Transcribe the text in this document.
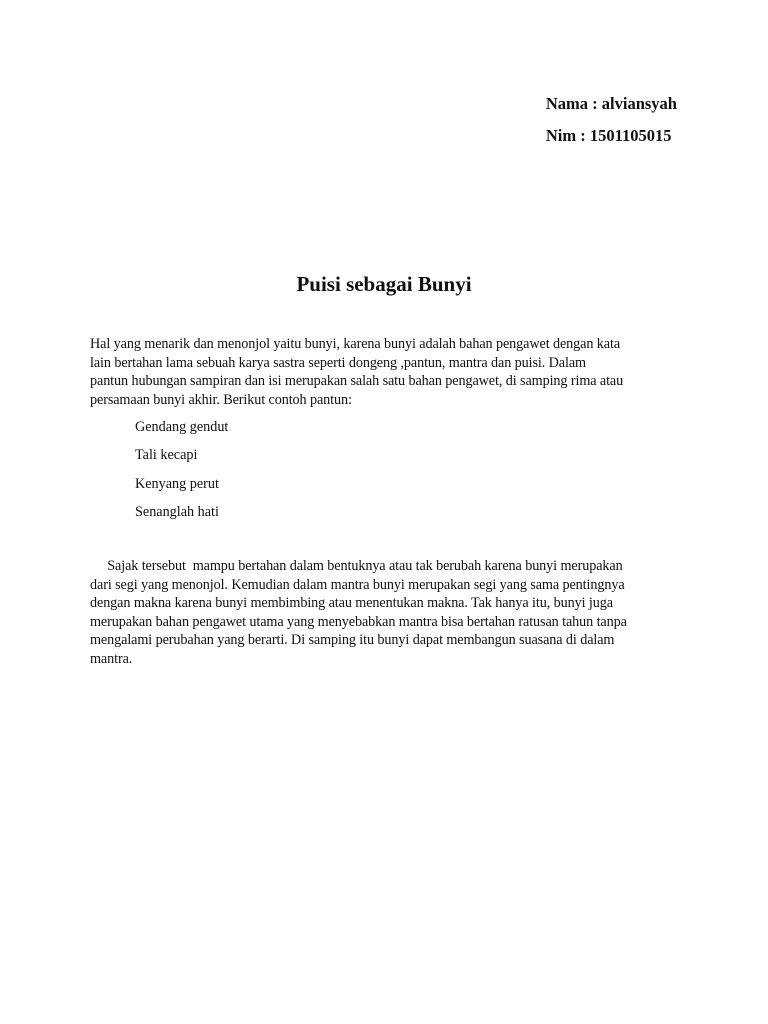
Nama : alviansyah
Nim : 1501105015
Puisi sebagai Bunyi
Hal yang menarik dan menonjol yaitu bunyi, karena bunyi adalah bahan pengawet dengan kata
lain bertahan lama sebuah karya sastra seperti dongeng ,pantun, mantra dan puisi. Dalam
pantun hubungan sampiran dan isi merupakan salah satu bahan pengawet, di samping rima atau
persamaan bunyi akhir. Berikut contoh pantun:
Gendang gendut
Tali kecapi
Kenyang perut
Senanglah hati
Sajak tersebut  mampu bertahan dalam bentuknya atau tak berubah karena bunyi merupakan
dari segi yang menonjol. Kemudian dalam mantra bunyi merupakan segi yang sama pentingnya
dengan makna karena bunyi membimbing atau menentukan makna. Tak hanya itu, bunyi juga
merupakan bahan pengawet utama yang menyebabkan mantra bisa bertahan ratusan tahun tanpa
mengalami perubahan yang berarti. Di samping itu bunyi dapat membangun suasana di dalam
mantra.
